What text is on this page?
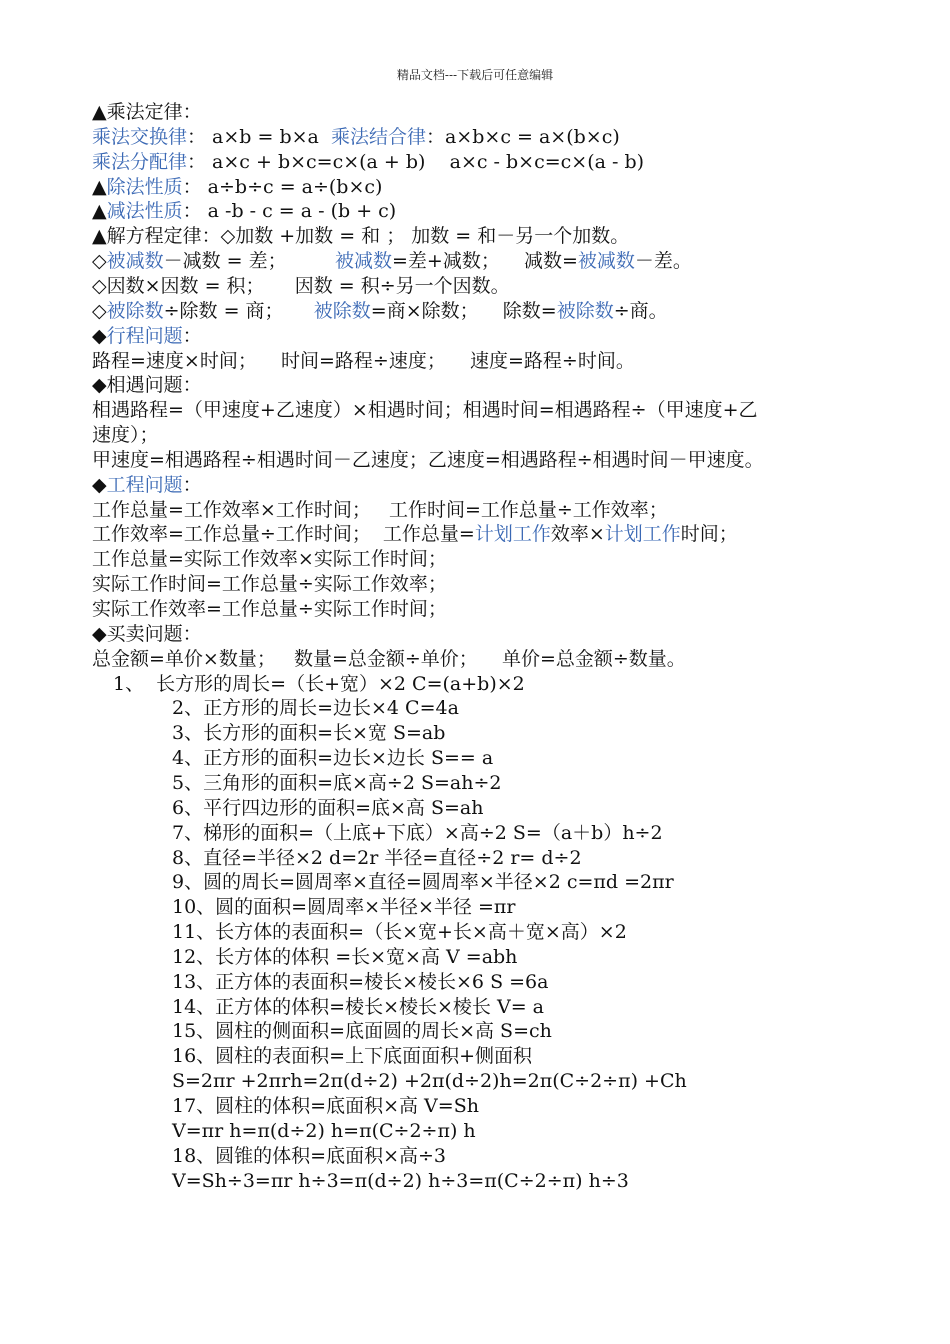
精品文档---下载后可任意编辑
▲乘法定律：
乘法交换律： a×b = b×a  乘法结合律：a×b×c = a×(b×c)
乘法分配律： a×c + b×c=c×(a + b)    a×c - b×c=c×(a - b)
▲除法性质： a÷b÷c = a÷(b×c)
▲减法性质： a -b - c = a - (b + c)
▲解方程定律：◇加数 +加数 = 和 ； 加数 = 和－另一个加数。
◇被减数－减数 = 差；        被减数=差+减数；    减数=被减数－差。
◇因数×因数 = 积；     因数 = 积÷另一个因数。
◇被除数÷除数 = 商；     被除数=商×除数；    除数=被除数÷商。
◆行程问题：
路程=速度×时间；    时间=路程÷速度；    速度=路程÷时间。
◆相遇问题：
相遇路程=（甲速度+乙速度）×相遇时间；相遇时间=相遇路程÷（甲速度+乙
速度）；
甲速度=相遇路程÷相遇时间－乙速度；乙速度=相遇路程÷相遇时间－甲速度。
◆工程问题：
工作总量=工作效率×工作时间；   工作时间=工作总量÷工作效率；
工作效率=工作总量÷工作时间；  工作总量=计划工作效率×计划工作时间；
工作总量=实际工作效率×实际工作时间；
实际工作时间=工作总量÷实际工作效率；
实际工作效率=工作总量÷实际工作时间；
◆买卖问题：
总金额=单价×数量；   数量=总金额÷单价；    单价=总金额÷数量。
1、  长方形的周长=（长+宽）×2 C=(a+b)×2
2、正方形的周长=边长×4 C=4a
3、长方形的面积=长×宽 S=ab
4、正方形的面积=边长×边长 S== a
5、三角形的面积=底×高÷2 S=ah÷2
6、平行四边形的面积=底×高 S=ah
7、梯形的面积=（上底+下底）×高÷2 S=（a＋b）h÷2
8、直径=半径×2 d=2r 半径=直径÷2 r= d÷2
9、圆的周长=圆周率×直径=圆周率×半径×2 c=πd =2πr
10、圆的面积=圆周率×半径×半径 =πr
11、长方体的表面积=（长×宽+长×高＋宽×高）×2
12、长方体的体积 =长×宽×高 V =abh
13、正方体的表面积=棱长×棱长×6 S =6a
14、正方体的体积=棱长×棱长×棱长 V= a
15、圆柱的侧面积=底面圆的周长×高 S=ch
16、圆柱的表面积=上下底面面积+侧面积
S=2πr +2πrh=2π(d÷2) +2π(d÷2)h=2π(C÷2÷π) +Ch
17、圆柱的体积=底面积×高 V=Sh
V=πr h=π(d÷2) h=π(C÷2÷π) h
18、圆锥的体积=底面积×高÷3
V=Sh÷3=πr h÷3=π(d÷2) h÷3=π(C÷2÷π) h÷3
